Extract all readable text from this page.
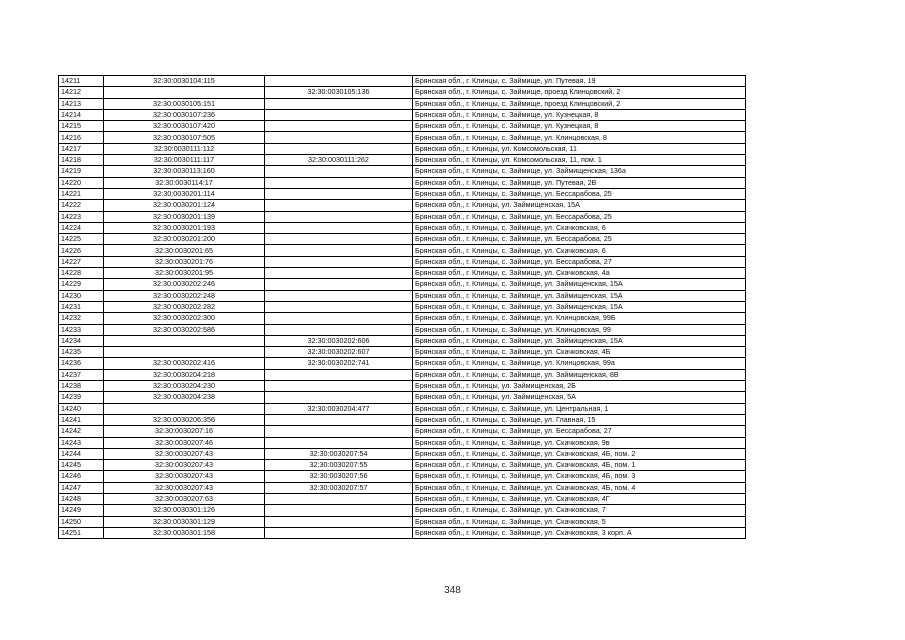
14211	32:30:0030104:115		Брянская обл., г. Клинцы, с. Займище, ул. Путевая, 19
14212		32:30:0030105:136	Брянская обл., г. Клинцы, с. Займище, проезд Клинцовский, 2
14213	32:30:0030105:151		Брянская обл., г. Клинцы, с. Займище, проезд Клинцовский, 2
14214	32:30:0030107:236		Брянская обл., г. Клинцы, с. Займище, ул. Кузнецкая, 8
14215	32:30:0030107:420		Брянская обл., г. Клинцы, с. Займище, ул. Кузнецкая, 8
14216	32:30:0030107:505		Брянская обл., г. Клинцы, с. Займище, ул. Клинцовская, 8
14217	32:30:0030111:112		Брянская обл., г. Клинцы, ул. Комсомольская, 11
14218	32:30:0030111:117	32:30:0030111:262	Брянская обл., г. Клинцы, ул. Комсомольская, 11, пом. 1
14219	32:30:0030113:160		Брянская обл., г. Клинцы, с. Займище, ул. Займищенская, 136а
14220	32:30:0030114:17		Брянская обл., г. Клинцы, с. Займище, ул. Путевая, 2В
14221	32:30:0030201:114		Брянская обл., г. Клинцы, с. Займище, ул. Бессарабова, 25
14222	32:30:0030201:124		Брянская обл., г. Клинцы, ул. Займищенская, 15А
14223	32:30:0030201:139		Брянская обл., г. Клинцы, с. Займище, ул. Бессарабова, 25
14224	32:30:0030201:193		Брянская обл., г. Клинцы, с. Займище, ул. Скачковская, 6
14225	32:30:0030201:200		Брянская обл., г. Клинцы, с. Займище, ул. Бессарабова, 25
14226	32:30:0030201:65		Брянская обл., г. Клинцы, с. Займище, ул. Скачковская, 6
14227	32:30:0030201:76		Брянская обл., г. Клинцы, с. Займище, ул. Бессарабова, 27
14228	32:30:0030201:95		Брянская обл., г. Клинцы, с. Займище, ул. Скачковская, 4а
14229	32:30:0030202:246		Брянская обл., г. Клинцы, с. Займище, ул. Займищенская, 15А
14230	32:30:0030202:248		Брянская обл., г. Клинцы, с. Займище, ул. Займищенская, 15А
14231	32:30:0030202:282		Брянская обл., г. Клинцы, с. Займище, ул. Займищенская, 15А
14232	32:30:0030202:300		Брянская обл., г. Клинцы, с. Займище, ул. Клинцовская, 99Б
14233	32:30:0030202:586		Брянская обл., г. Клинцы, с. Займище, ул. Клинцовская, 99
14234		32:30:0030202:606	Брянская обл., г. Клинцы, с. Займище, ул. Займищенская, 15А
14235		32:30:0030202:607	Брянская обл., г. Клинцы, с. Займище, ул. Скачковская, 4Б
14236	32:30:0030202:416	32:30:0030202:741	Брянская обл., г. Клинцы, с. Займище, ул. Клинцовская, 99а
14237	32:30:0030204:218		Брянская обл., г. Клинцы, с. Займище, ул. Займищенская, 8В
14238	32:30:0030204:230		Брянская обл., г. Клинцы, ул. Займищенская, 2Б
14239	32:30:0030204:238		Брянская обл., г. Клинцы, ул. Займищенская, 5А
14240		32:30:0030204:477	Брянская обл., г. Клинцы, с. Займище, ул. Центральная, 1
14241	32:30:0030206:356		Брянская обл., г. Клинцы, с. Займище, ул. Главная, 15
14242	32:30:0030207:16		Брянская обл., г. Клинцы, с. Займище, ул. Бессарабова, 27
14243	32:30:0030207:46		Брянская обл., г. Клинцы, с. Займище, ул. Скачковская, 9в
14244	32:30:0030207:43	32:30:0030207:54	Брянская обл., г. Клинцы, с. Займище, ул. Скачковская, 4Б, пом. 2
14245	32:30:0030207:43	32:30:0030207:55	Брянская обл., г. Клинцы, с. Займище, ул. Скачковская, 4Б, пом. 1
14246	32:30:0030207:43	32:30:0030207:56	Брянская обл., г. Клинцы, с. Займище, ул. Скачковская, 4Б, пом. 3
14247	32:30:0030207:43	32:30:0030207:57	Брянская обл., г. Клинцы, с. Займище, ул. Скачковская, 4Б, пом. 4
14248	32:30:0030207:63		Брянская обл., г. Клинцы, с. Займище, ул. Скачковская, 4Г
14249	32:30:0030301:126		Брянская обл., г. Клинцы, с. Займище, ул. Скачковская, 7
14250	32:30:0030301:129		Брянская обл., г. Клинцы, с. Займище, ул. Скачковская, 5
14251	32:30:0030301:158		Брянская обл., г. Клинцы, с. Займище, ул. Скачковская, 3 корп. А
348
